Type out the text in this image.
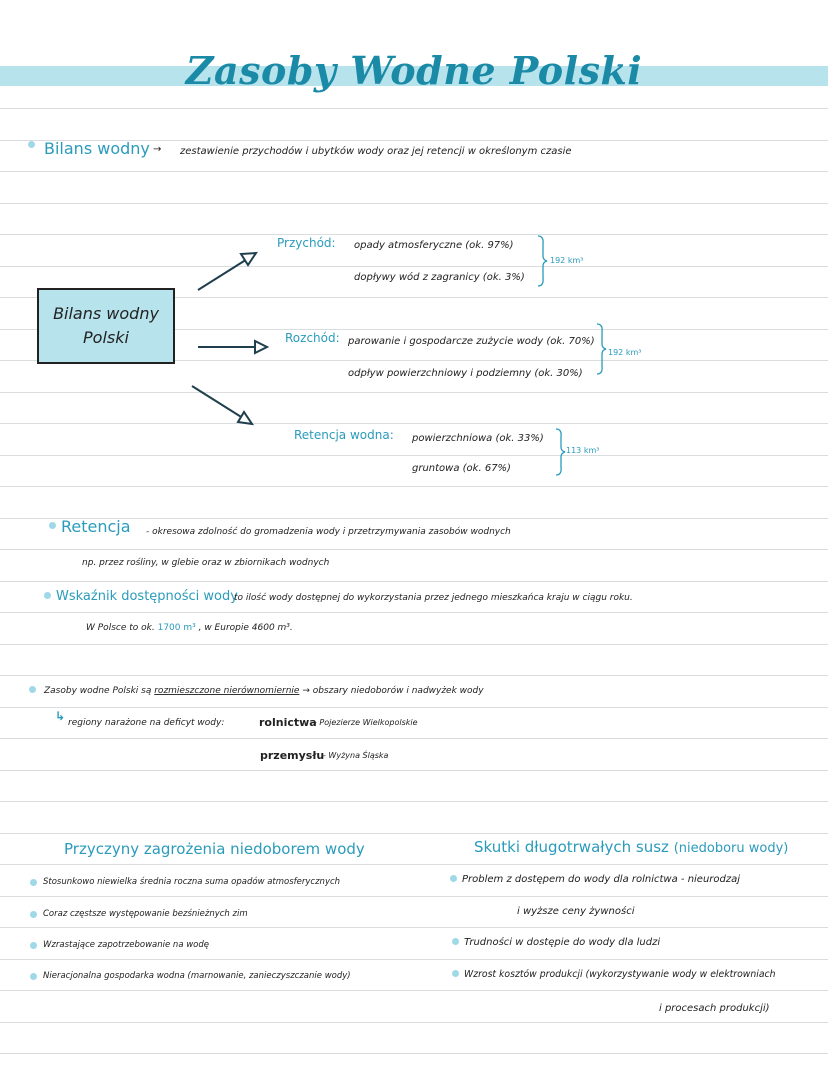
Zasoby Wodne Polski
Bilans wodny → zestawienie przychodów i ubytków wody oraz jej retencji w określonym czasie
Bilans wodny
Polski
Przychód: opady atmosferyczne (ok. 97%)
dopływy wód z zagranicy (ok. 3%)
192 km³
Rozchód: parowanie i gospodarcze zużycie wody (ok. 70%)
odpływ powierzchniowy i podziemny (ok. 30%)
192 km³
Retencja wodna: powierzchniowa (ok. 33%)
gruntowa (ok. 67%)
113 km³
Retencja - okresowa zdolność do gromadzenia wody i przetrzymywania zasobów wodnych
np. przez rośliny, w glebie oraz w zbiornikach wodnych
Wskaźnik dostępności wody
to ilość wody dostępnej do wykorzystania przez jednego mieszkańca kraju w ciągu roku.
W Polsce to ok. 1700 m³ , w Europie 4600 m³.
Zasoby wodne Polski są rozmieszczone nierównomiernie → obszary niedoborów i nadwyżek wody
↳ regiony narażone na deficyt wody:	rolnictwa
- Pojezierze Wielkopolskie
przemysłu
- Wyżyna Śląska
Przyczyny zagrożenia niedoborem wody
Stosunkowo niewielka średnia roczna suma opadów atmosferycznych
Coraz częstsze występowanie bezśnieżnych zim
Wzrastające zapotrzebowanie na wodę
Nieracjonalna gospodarka wodna (marnowanie, zanieczyszczanie wody)
Skutki długotrwałych susz (niedoboru wody)
Problem z dostępem do wody dla rolnictwa - nieurodzaj
i wyższe ceny żywności
Trudności w dostępie do wody dla ludzi
Wzrost kosztów produkcji (wykorzystywanie wody w elektrowniach
i procesach produkcji)
